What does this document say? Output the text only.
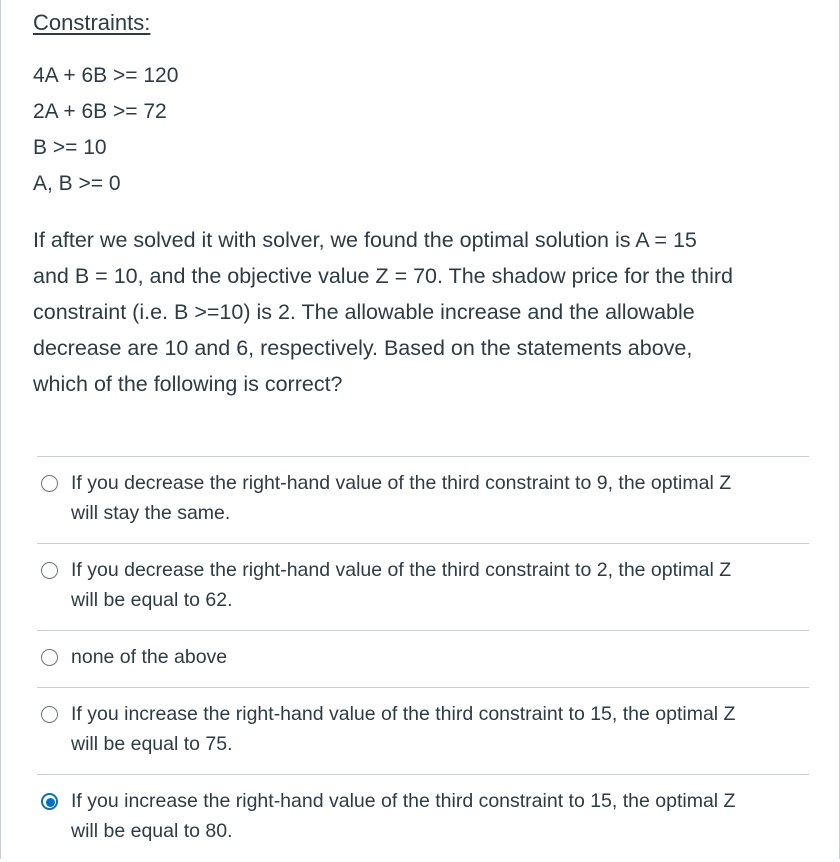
Constraints:
4A + 6B >= 120
2A + 6B >= 72
B >= 10
A, B >= 0
If after we solved it with solver, we found the optimal solution is A = 15
and B = 10, and the objective value Z = 70. The shadow price for the third
constraint (i.e. B >=10) is 2. The allowable increase and the allowable
decrease are 10 and 6, respectively. Based on the statements above,
which of the following is correct?
If you decrease the right-hand value of the third constraint to 9, the optimal Z
will stay the same.
If you decrease the right-hand value of the third constraint to 2, the optimal Z
will be equal to 62.
none of the above
If you increase the right-hand value of the third constraint to 15, the optimal Z
will be equal to 75.
If you increase the right-hand value of the third constraint to 15, the optimal Z
will be equal to 80.
